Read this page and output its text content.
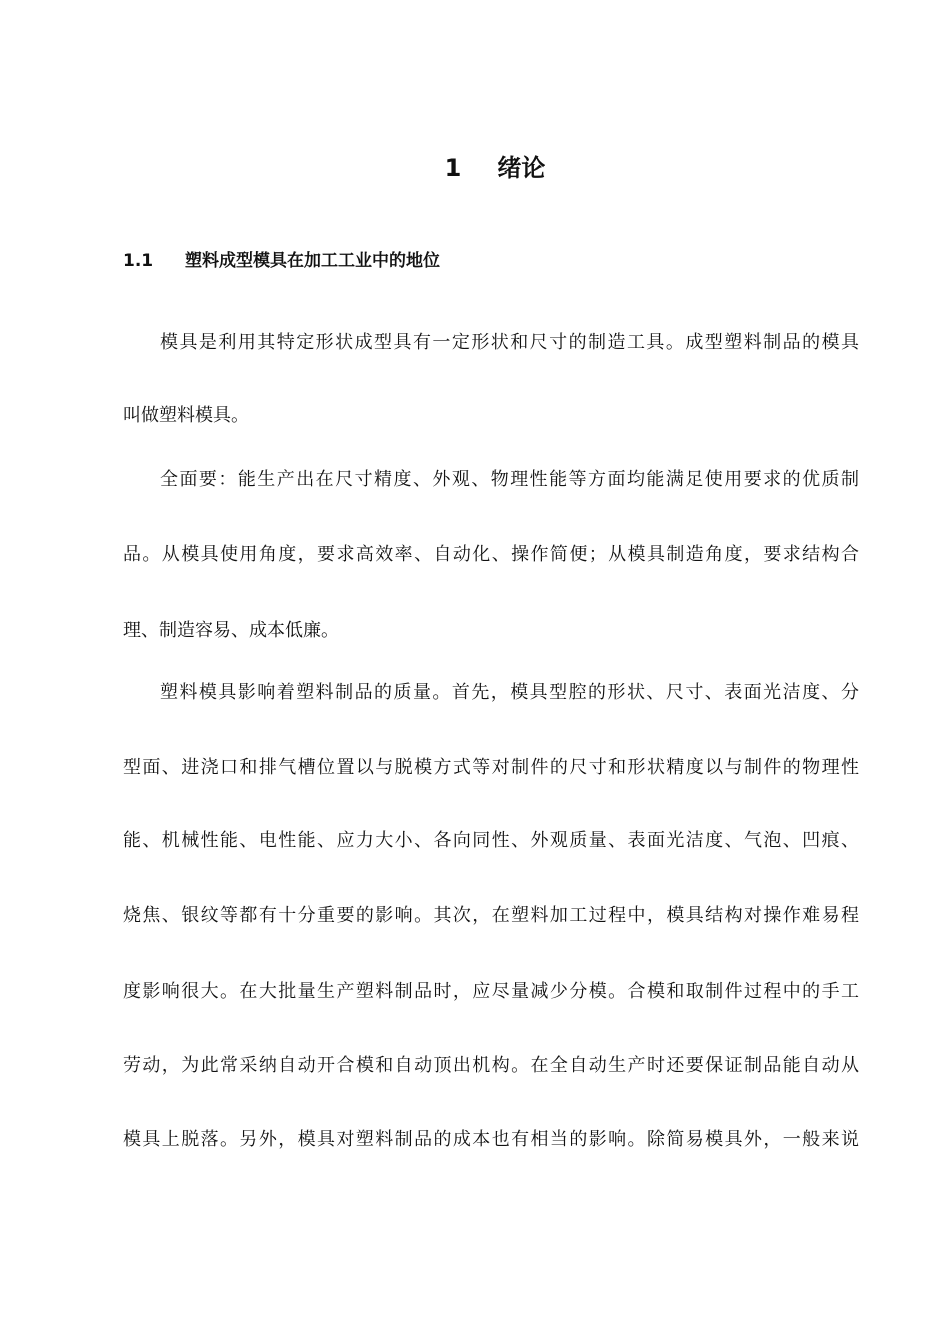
1 绪论
1.1 塑料成型模具在加工工业中的地位
模具是利用其特定形状成型具有一定形状和尺寸的制造工具。成型塑料制品的模具
叫做塑料模具。
全面要：能生产出在尺寸精度、外观、物理性能等方面均能满足使用要求的优质制
品。从模具使用角度，要求高效率、自动化、操作简便；从模具制造角度，要求结构合
理、制造容易、成本低廉。
塑料模具影响着塑料制品的质量。首先，模具型腔的形状、尺寸、表面光洁度、分
型面、进浇口和排气槽位置以与脱模方式等对制件的尺寸和形状精度以与制件的物理性
能、机械性能、电性能、应力大小、各向同性、外观质量、表面光洁度、气泡、凹痕、
烧焦、银纹等都有十分重要的影响。其次，在塑料加工过程中，模具结构对操作难易程
度影响很大。在大批量生产塑料制品时，应尽量减少分模。合模和取制件过程中的手工
劳动，为此常采纳自动开合模和自动顶出机构。在全自动生产时还要保证制品能自动从
模具上脱落。另外，模具对塑料制品的成本也有相当的影响。除简易模具外，一般来说
